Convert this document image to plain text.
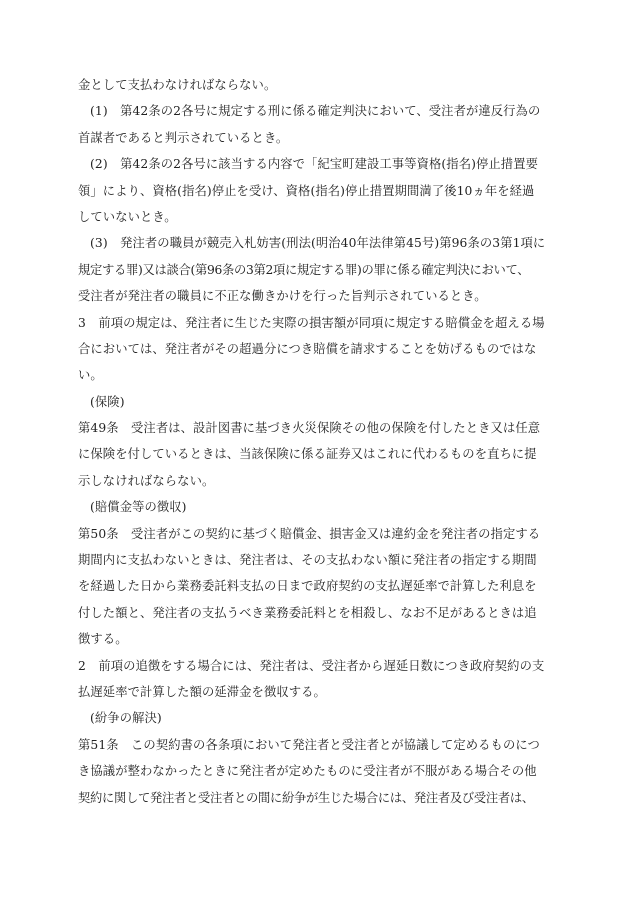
金として支払わなければならない。
(1)　第42条の2各号に規定する刑に係る確定判決において、受注者が違反行為の
首謀者であると判示されているとき。
(2)　第42条の2各号に該当する内容で「紀宝町建設工事等資格(指名)停止措置要
領」により、資格(指名)停止を受け、資格(指名)停止措置期間満了後10ヵ年を経過
していないとき。
(3)　発注者の職員が競売入札妨害(刑法(明治40年法律第45号)第96条の3第1項に
規定する罪)又は談合(第96条の3第2項に規定する罪)の罪に係る確定判決において、
受注者が発注者の職員に不正な働きかけを行った旨判示されているとき。
3　前項の規定は、発注者に生じた実際の損害額が同項に規定する賠償金を超える場
合においては、発注者がその超過分につき賠償を請求することを妨げるものではな
い。
(保険)
第49条　受注者は、設計図書に基づき火災保険その他の保険を付したとき又は任意
に保険を付しているときは、当該保険に係る証券又はこれに代わるものを直ちに提
示しなければならない。
(賠償金等の徴収)
第50条　受注者がこの契約に基づく賠償金、損害金又は違約金を発注者の指定する
期間内に支払わないときは、発注者は、その支払わない額に発注者の指定する期間
を経過した日から業務委託料支払の日まで政府契約の支払遅延率で計算した利息を
付した額と、発注者の支払うべき業務委託料とを相殺し、なお不足があるときは追
徴する。
2　前項の追徴をする場合には、発注者は、受注者から遅延日数につき政府契約の支
払遅延率で計算した額の延滞金を徴収する。
(紛争の解決)
第51条　この契約書の各条項において発注者と受注者とが協議して定めるものにつ
き協議が整わなかったときに発注者が定めたものに受注者が不服がある場合その他
契約に関して発注者と受注者との間に紛争が生じた場合には、発注者及び受注者は、
